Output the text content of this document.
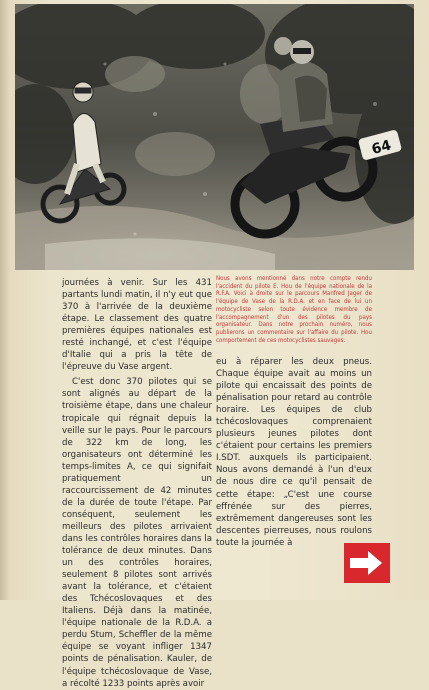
64

journées à venir. Sur les 431 partants lundi matin, il n'y eut que 370 à l'arrivée de la deuxième étape. Le classement des quatre premières équipes nationales est resté inchangé, et c'est l'équipe d'Italie qui a pris la tête de l'épreuve du Vase argent.

C'est donc 370 pilotes qui se sont alignés au départ de la troisième étape, dans une chaleur tropicale qui régnait depuis la veille sur le pays. Pour le parcours de 322 km de long, les organisateurs ont déterminé les temps-limites A, ce qui signifait pratiquement un raccourcissement de 42 minutes de la durée de toute l'étape. Par conséquent, seulement les meilleurs des pilotes arrivaient dans les contrôles horaires dans la tolérance de deux minutes. Dans un des contrôles horaires, seulement 8 pilotes sont arrivés avant la tolérance, et c'étaient des Tchécoslovaques et des Italiens. Déjà dans la matinée, l'équipe nationale de la R.D.A. a perdu Stum, Scheffler de la même équipe se voyant infliger 1347 points de pénalisation. Kauler, de l'équipe tchécoslovaque de Vase, a récolté 1233 points après avoir

Nous avons mentionné dans notre compte rendu l'accident du pilote E. Hou de l'équipe nationale de la R.F.A. Voici à droite sur le parcours Manfred Jager de l'équipe de Vase de la R.D.A. et en face de lui un motocycliste selon toute évidence membre de l'accompagnement d'un des pilotes du pays organisateur. Dans notre prochain numéro, nous publierons un commentaire sur l'affaire du pilote. Hou comportement de ces motocyclistes sauvages.

eu à réparer les deux pneus. Chaque équipe avait au moins un pilote qui encaissait des points de pénalisation pour retard au contrôle horaire. Les équipes de club tchécoslovaques comprenaient plusieurs jeunes pilotes dont c'étaient pour certains les premiers I.SDT. auxquels ils participaient. Nous avons demandé à l'un d'eux de nous dire ce qu'il pensait de cette étape: „C'est une course effrénée sur des pierres, extrêmement dangereuses sont les descentes pierreuses, nous roulons toute la journée à
